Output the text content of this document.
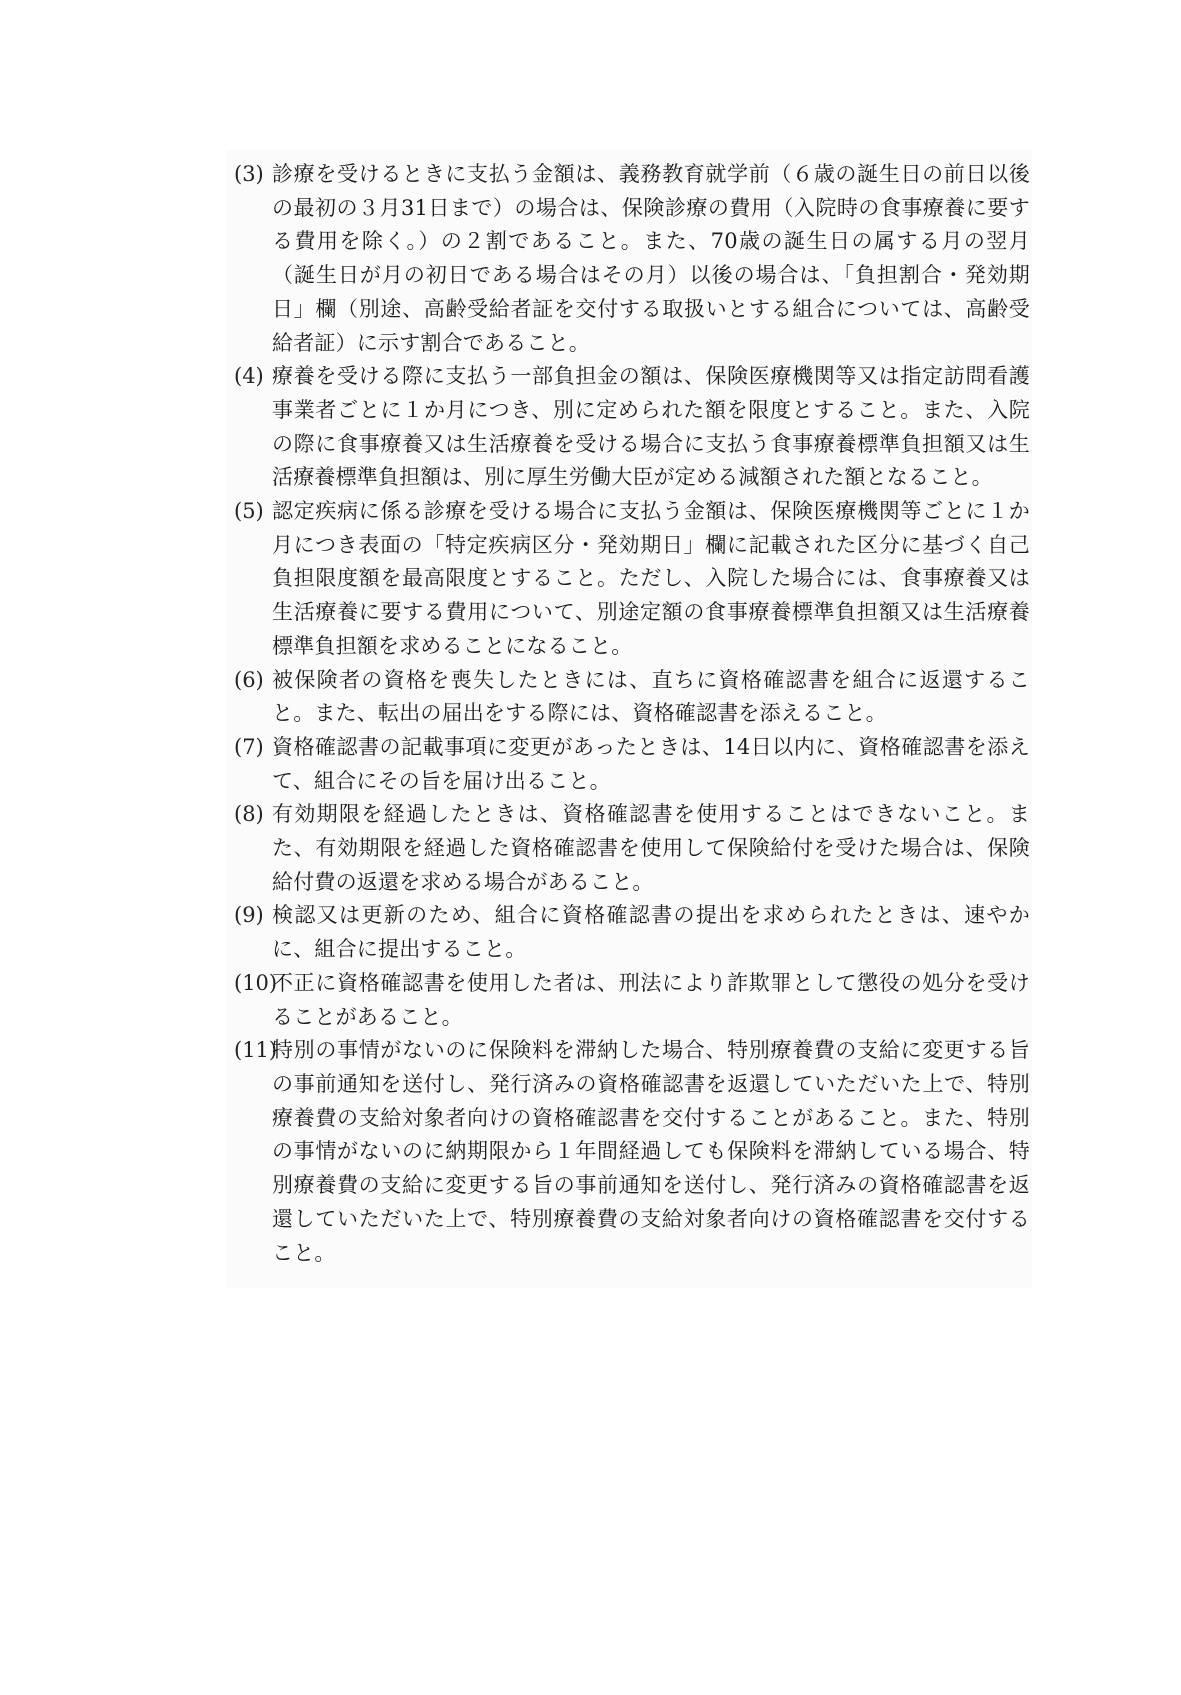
(3) 診療を受けるときに支払う金額は、義務教育就学前（６歳の誕生日の前日以後の最初の３月31日まで）の場合は、保険診療の費用（入院時の食事療養に要する費用を除く。）の２割であること。また、70歳の誕生日の属する月の翌月（誕生日が月の初日である場合はその月）以後の場合は、「負担割合・発効期日」欄（別途、高齢受給者証を交付する取扱いとする組合については、高齢受給者証）に示す割合であること。
(4) 療養を受ける際に支払う一部負担金の額は、保険医療機関等又は指定訪問看護事業者ごとに１か月につき、別に定められた額を限度とすること。また、入院の際に食事療養又は生活療養を受ける場合に支払う食事療養標準負担額又は生活療養標準負担額は、別に厚生労働大臣が定める減額された額となること。
(5) 認定疾病に係る診療を受ける場合に支払う金額は、保険医療機関等ごとに１か月につき表面の「特定疾病区分・発効期日」欄に記載された区分に基づく自己負担限度額を最高限度とすること。ただし、入院した場合には、食事療養又は生活療養に要する費用について、別途定額の食事療養標準負担額又は生活療養標準負担額を求めることになること。
(6) 被保険者の資格を喪失したときには、直ちに資格確認書を組合に返還すること。また、転出の届出をする際には、資格確認書を添えること。
(7) 資格確認書の記載事項に変更があったときは、14日以内に、資格確認書を添えて、組合にその旨を届け出ること。
(8) 有効期限を経過したときは、資格確認書を使用することはできないこと。また、有効期限を経過した資格確認書を使用して保険給付を受けた場合は、保険給付費の返還を求める場合があること。
(9) 検認又は更新のため、組合に資格確認書の提出を求められたときは、速やかに、組合に提出すること。
(10)
不正に資格確認書を使用した者は、刑法により詐欺罪として懲役の処分を受けることがあること。
(11)
特別の事情がないのに保険料を滞納した場合、特別療養費の支給に変更する旨の事前通知を送付し、発行済みの資格確認書を返還していただいた上で、特別療養費の支給対象者向けの資格確認書を交付することがあること。また、特別の事情がないのに納期限から１年間経過しても保険料を滞納している場合、特別療養費の支給に変更する旨の事前通知を送付し、発行済みの資格確認書を返還していただいた上で、特別療養費の支給対象者向けの資格確認書を交付すること。
